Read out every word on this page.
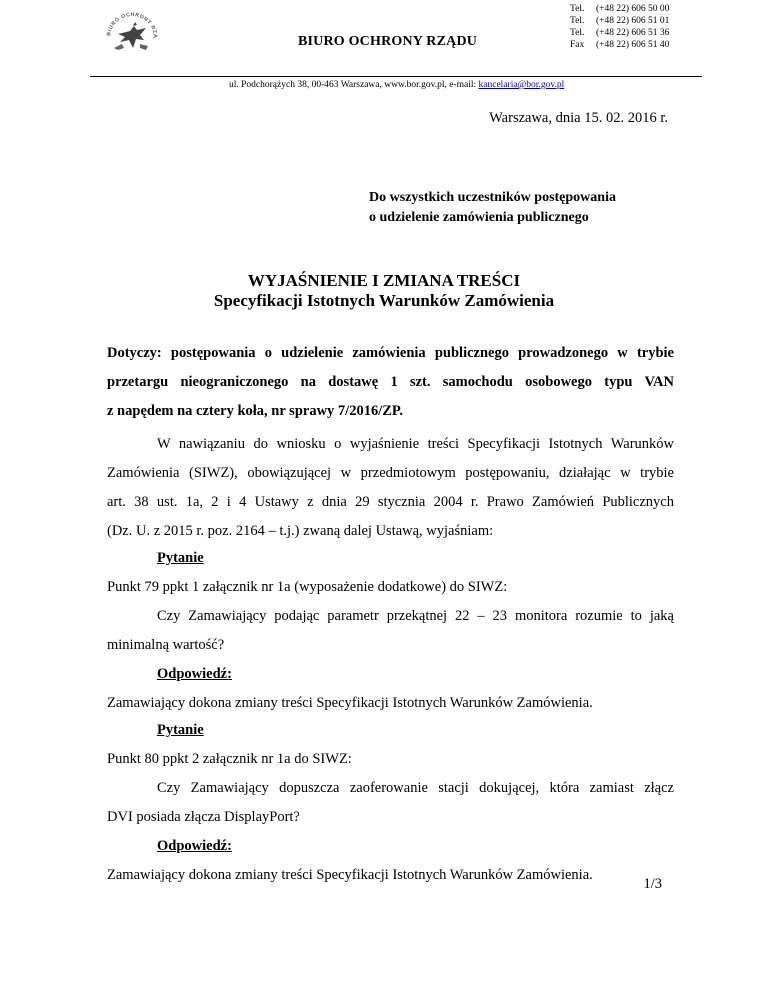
BIURO OCHRONY RZĄ	BIURO OCHRONY RZĄDU
Tel. (+48 22) 606 50 00
Tel. (+48 22) 606 51 01
Tel. (+48 22) 606 51 36
Fax (+48 22) 606 51 40
ul. Podchorążych 38, 00-463 Warszawa, www.bor.gov.pl, e-mail: kancelaria@bor.gov.pl
Warszawa, dnia 15. 02. 2016 r.
Do wszystkich uczestników postępowania
o udzielenie zamówienia publicznego
WYJAŚNIENIE I ZMIANA TREŚCI
Specyfikacji Istotnych Warunków Zamówienia
Dotyczy: postępowania o udzielenie zamówienia publicznego prowadzonego w trybie
przetargu nieograniczonego na dostawę 1 szt. samochodu osobowego typu VAN
z napędem na cztery koła, nr sprawy 7/2016/ZP.
W nawiązaniu do wniosku o wyjaśnienie treści Specyfikacji Istotnych Warunków
Zamówienia (SIWZ), obowiązującej w przedmiotowym postępowaniu, działając w trybie
art. 38 ust. 1a, 2 i 4 Ustawy z dnia 29 stycznia 2004 r. Prawo Zamówień Publicznych
(Dz. U. z 2015 r. poz. 2164 – t.j.) zwaną dalej Ustawą, wyjaśniam:
Pytanie
Punkt 79 ppkt 1 załącznik nr 1a (wyposażenie dodatkowe) do SIWZ:
Czy Zamawiający podając parametr przekątnej 22 – 23 monitora rozumie to jaką
minimalną wartość?
Odpowiedź:
Zamawiający dokona zmiany treści Specyfikacji Istotnych Warunków Zamówienia.
Pytanie
Punkt 80 ppkt 2 załącznik nr 1a do SIWZ:
Czy Zamawiający dopuszcza zaoferowanie stacji dokującej, która zamiast złącz
DVI posiada złącza DisplayPort?
Odpowiedź:
Zamawiający dokona zmiany treści Specyfikacji Istotnych Warunków Zamówienia.
1/3
